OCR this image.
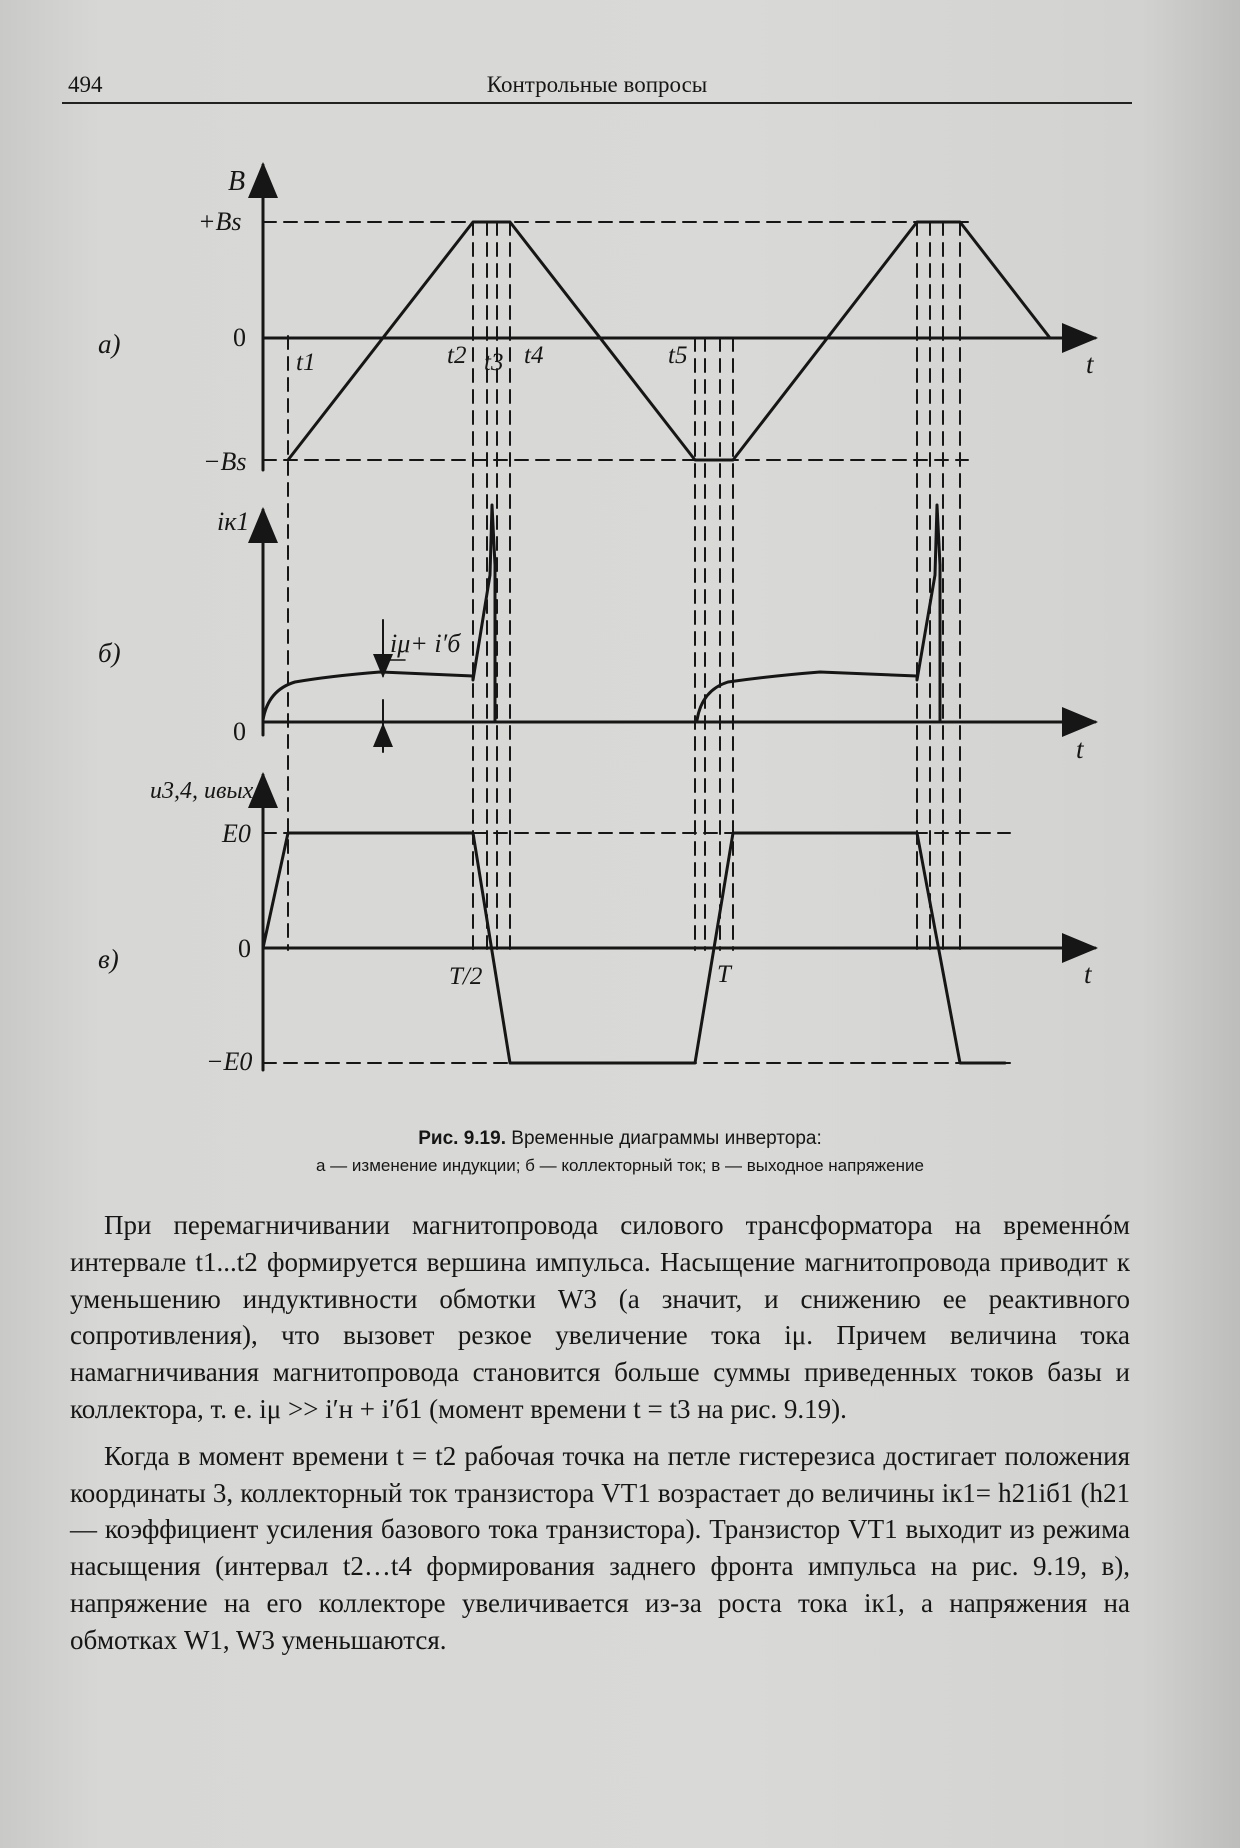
494	Контрольные вопросы
а)
B
+Bs
0
−Bs
t
t1	t2 t3 t4	t5
б)
iк1
0
t
iμ+ i′б
в)
u3,4, uвых
E0
0
−E0
t
T/2	T
Рис. 9.19. Временные диаграммы инвертора:
а — изменение индукции; б — коллекторный ток; в — выходное напряжение

При перемагничивании магнитопровода силового трансформатора на временнóм интервале t1...t2 формируется вершина импульса. Насыщение магнитопровода приводит к уменьшению индуктивности обмотки W3 (а значит, и снижению ее реактивного сопротивления), что вызовет резкое увеличение тока iμ. Причем величина тока намагничивания магнитопровода становится больше суммы приведенных токов базы и коллектора, т. е. iμ >> i′н + i′б1 (момент времени t = t3 на рис. 9.19).

Когда в момент времени t = t2 рабочая точка на петле гистерезиса достигает положения координаты 3, коллекторный ток транзистора VT1 возрастает до величины iк1= h21iб1 (h21 — коэффициент усиления базового тока транзистора). Транзистор VT1 выходит из режима насыщения (интервал t2…t4 формирования заднего фронта импульса на рис. 9.19, в), напряжение на его коллекторе увеличивается из-за роста тока iк1, а напряжения на обмотках W1, W3 уменьшаются.
